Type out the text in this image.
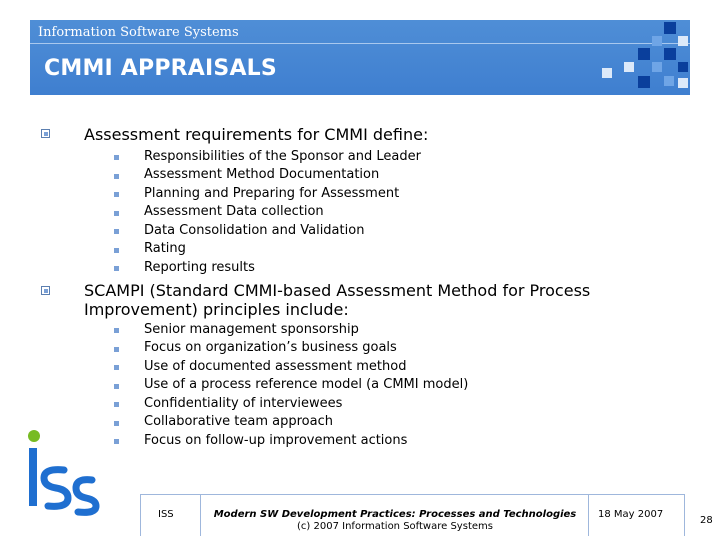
Information Software Systems
CMMI APPRAISALS
Assessment requirements for CMMI define:
Responsibilities of the Sponsor and Leader
Assessment Method Documentation
Planning and Preparing for Assessment
Assessment Data collection
Data Consolidation and Validation
Rating
Reporting results
SCAMPI (Standard CMMI-based Assessment Method for Process
Improvement) principles include:
Senior management sponsorship
Focus on organization’s business goals
Use of documented assessment method
Use of a process reference model (a CMMI model)
Confidentiality of interviewees
Collaborative team approach
Focus on follow-up improvement actions
ISS	Modern SW Development Practices: Processes and Technologies
(c) 2007 Information Software Systems
18 May 2007
28
